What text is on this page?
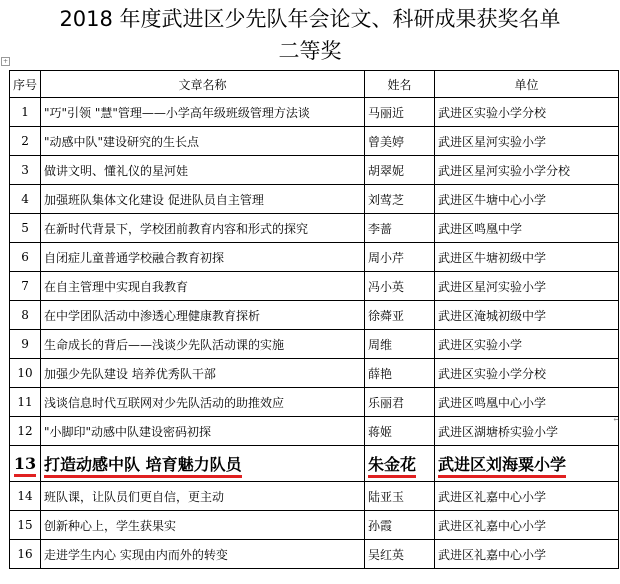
2018 年度武进区少先队年会论文、科研成果获奖名单
二等奖
+
↵
序号	文章名称	姓名	单位
1	"巧"引领 "慧"管理——小学高年级班级管理方法谈	马丽近	武进区实验小学分校
2	"动感中队"建设研究的生长点	曾美婷	武进区星河实验小学
3	做讲文明、懂礼仪的星河娃	胡翠妮	武进区星河实验小学分校
4	加强班队集体文化建设 促进队员自主管理	刘莺芝	武进区牛塘中心小学
5	在新时代背景下，学校团前教育内容和形式的探究	李蔷	武进区鸣凰中学
6	自闭症儿童普通学校融合教育初探	周小芹	武进区牛塘初级中学
7	在自主管理中实现自我教育	冯小英	武进区星河实验小学
8	在中学团队活动中渗透心理健康教育探析	徐蕣亚	武进区淹城初级中学
9	生命成长的背后——浅谈少先队活动课的实施	周维	武进区实验小学
10	加强少先队建设 培养优秀队干部	薛艳	武进区实验小学分校
11	浅谈信息时代互联网对少先队活动的助推效应	乐丽君	武进区鸣凰中心小学
12	"小脚印"动感中队建设密码初探	蒋姬	武进区湖塘桥实验小学
13	打造动感中队 培育魅力队员	朱金花	武进区刘海粟小学
14	班队课，让队员们更自信，更主动	陆亚玉	武进区礼嘉中心小学
15	创新种心上，学生获果实	孙霞	武进区礼嘉中心小学
16	走进学生内心 实现由内而外的转变	吴红英	武进区礼嘉中心小学
